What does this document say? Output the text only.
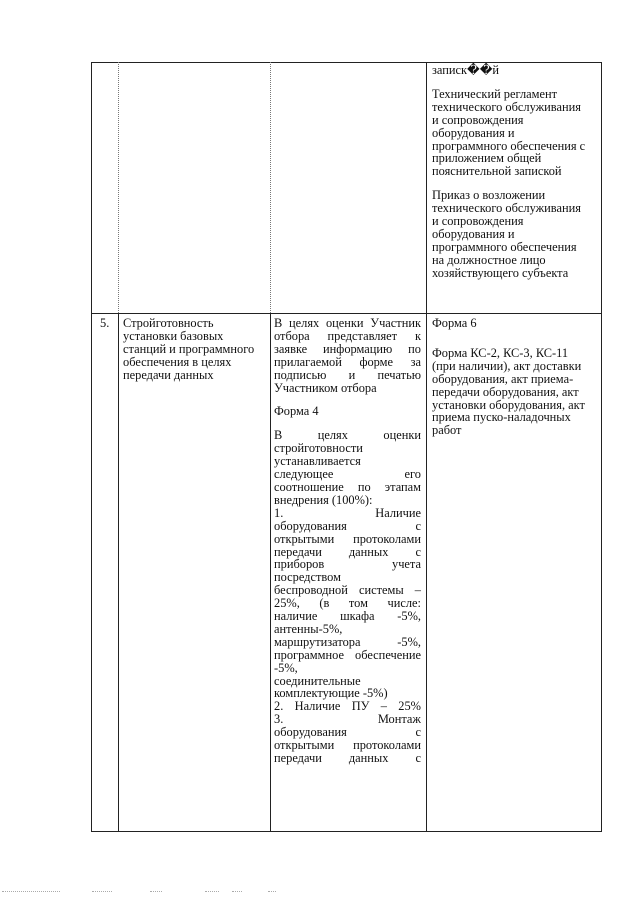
записк��й
Технический регламент
технического обслуживания
и сопровождения
оборудования и
программного обеспечения с
приложением общей
пояснительной запиской
Приказ о возложении
технического обслуживания
и сопровождения
оборудования и
программного обеспечения
на должностное лицо
хозяйствующего субъекта
5.	Стройготовность
установки базовых
станций и программного
обеспечения в целях
передачи данных
В целях оценки Участник
отбора представляет к
заявке информацию по
прилагаемой форме за
подписью и печатью
Участником отбора
Форма 4
В целях оценки
стройготовности
устанавливается
следующее его
соотношение по этапам
внедрения (100%):
1. Наличие
оборудования с
открытыми протоколами
передачи данных с
приборов учета
посредством
беспроводной системы –
25%, (в том числе:
наличие шкафа -5%,
антенны-5%,
маршрутизатора -5%,
программное обеспечение
-5%,
соединительные
комплектующие -5%)
2. Наличие ПУ – 25%
3. Монтаж
оборудования с
открытыми протоколами
передачи данных с
Форма 6
Форма КС-2, КС-3, КС-11
(при наличии), акт доставки
оборудования, акт приема-
передачи оборудования, акт
установки оборудования, акт
приема пуско-наладочных
работ
